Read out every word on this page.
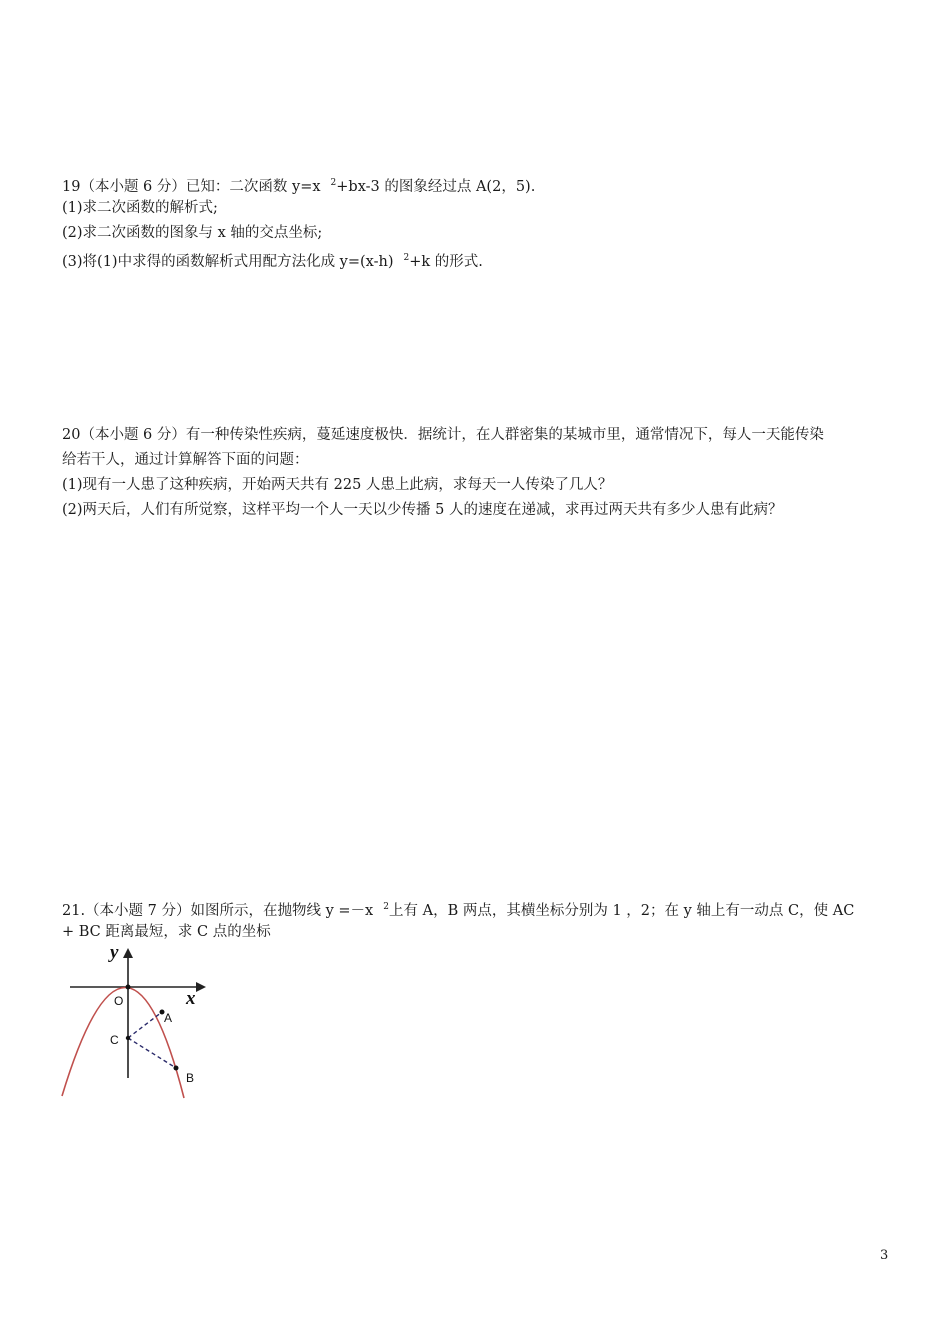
19（本小题 6 分）已知：二次函数 y=x $^2$+bx-3 的图象经过点 A(2，5).
(1)求二次函数的解析式;
(2)求二次函数的图象与 x 轴的交点坐标;
(3)将(1)中求得的函数解析式用配方法化成 y=(x-h) $^2$+k 的形式.
20（本小题 6 分）有一种传染性疾病，蔓延速度极快．据统计，在人群密集的某城市里，通常情况下，每人一天能传染
给若干人，通过计算解答下面的问题：
(1)现有一人患了这种疾病，开始两天共有 225 人患上此病，求每天一人传染了几人？
(2)两天后，人们有所觉察，这样平均一个人一天以少传播 5 人的速度在递减，求再过两天共有多少人患有此病？
21.（本小题 7 分）如图所示，在抛物线 y =－x $^2$上有 A，B 两点，其横坐标分别为 1 ，2；在 y 轴上有一动点 C，使 AC
+ BC 距离最短，求 C 点的坐标
y
x
O
A
B
C
3
